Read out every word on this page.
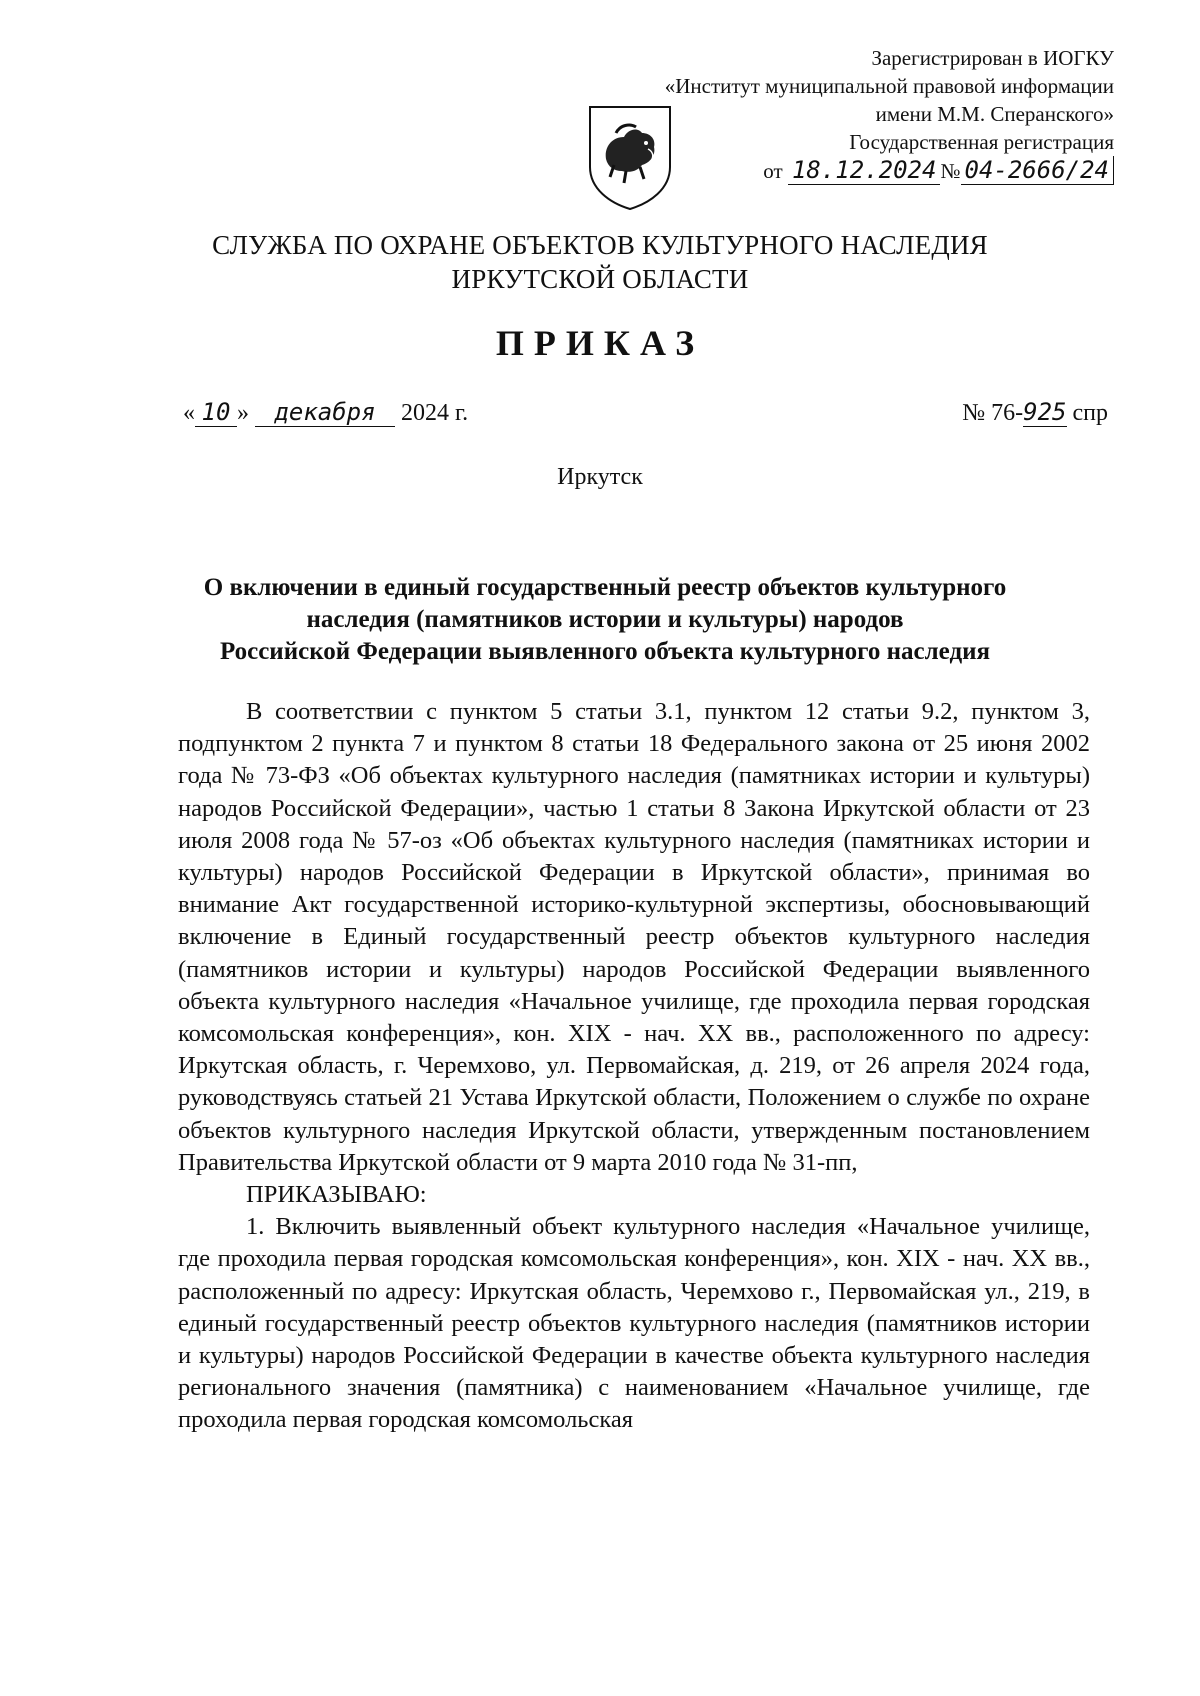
Зарегистрирован в ИОГКУ
«Институт муниципальной правовой информации
имени М.М. Сперанского»
Государственная регистрация
от 18.12.2024 № 04-2666/24
СЛУЖБА ПО ОХРАНЕ ОБЪЕКТОВ КУЛЬТУРНОГО НАСЛЕДИЯ
ИРКУТСКОЙ ОБЛАСТИ
ПРИКАЗ
« 10 » декабря 2024 г.	№ 76-925 спр
Иркутск
О включении в единый государственный реестр объектов культурного
наследия (памятников истории и культуры) народов
Российской Федерации выявленного объекта культурного наследия

В соответствии с пунктом 5 статьи 3.1, пунктом 12 статьи 9.2, пунктом 3, подпунктом 2 пункта 7 и пунктом 8 статьи 18 Федерального закона от 25 июня 2002 года № 73-ФЗ «Об объектах культурного наследия (памятниках истории и культуры) народов Российской Федерации», частью 1 статьи 8 Закона Иркутской области от 23 июля 2008 года № 57-оз «Об объектах культурного наследия (памятниках истории и культуры) народов Российской Федерации в Иркутской области», принимая во внимание Акт государственной историко-культурной экспертизы, обосновывающий включение в Единый государственный реестр объектов культурного наследия (памятников истории и культуры) народов Российской Федерации выявленного объекта культурного наследия «Начальное училище, где проходила первая городская комсомольская конференция», кон. XIX - нач. XX вв., расположенного по адресу: Иркутская область, г. Черемхово, ул. Первомайская, д. 219, от 26 апреля 2024 года, руководствуясь статьей 21 Устава Иркутской области, Положением о службе по охране объектов культурного наследия Иркутской области, утвержденным постановлением Правительства Иркутской области от 9 марта 2010 года № 31-пп,

ПРИКАЗЫВАЮ:

1. Включить выявленный объект культурного наследия «Начальное училище, где проходила первая городская комсомольская конференция», кон. XIX - нач. XX вв., расположенный по адресу: Иркутская область, Черемхово г., Первомайская ул., 219, в единый государственный реестр объектов культурного наследия (памятников истории и культуры) народов Российской Федерации в качестве объекта культурного наследия регионального значения (памятника) с наименованием «Начальное училище, где проходила первая городская комсомольская
